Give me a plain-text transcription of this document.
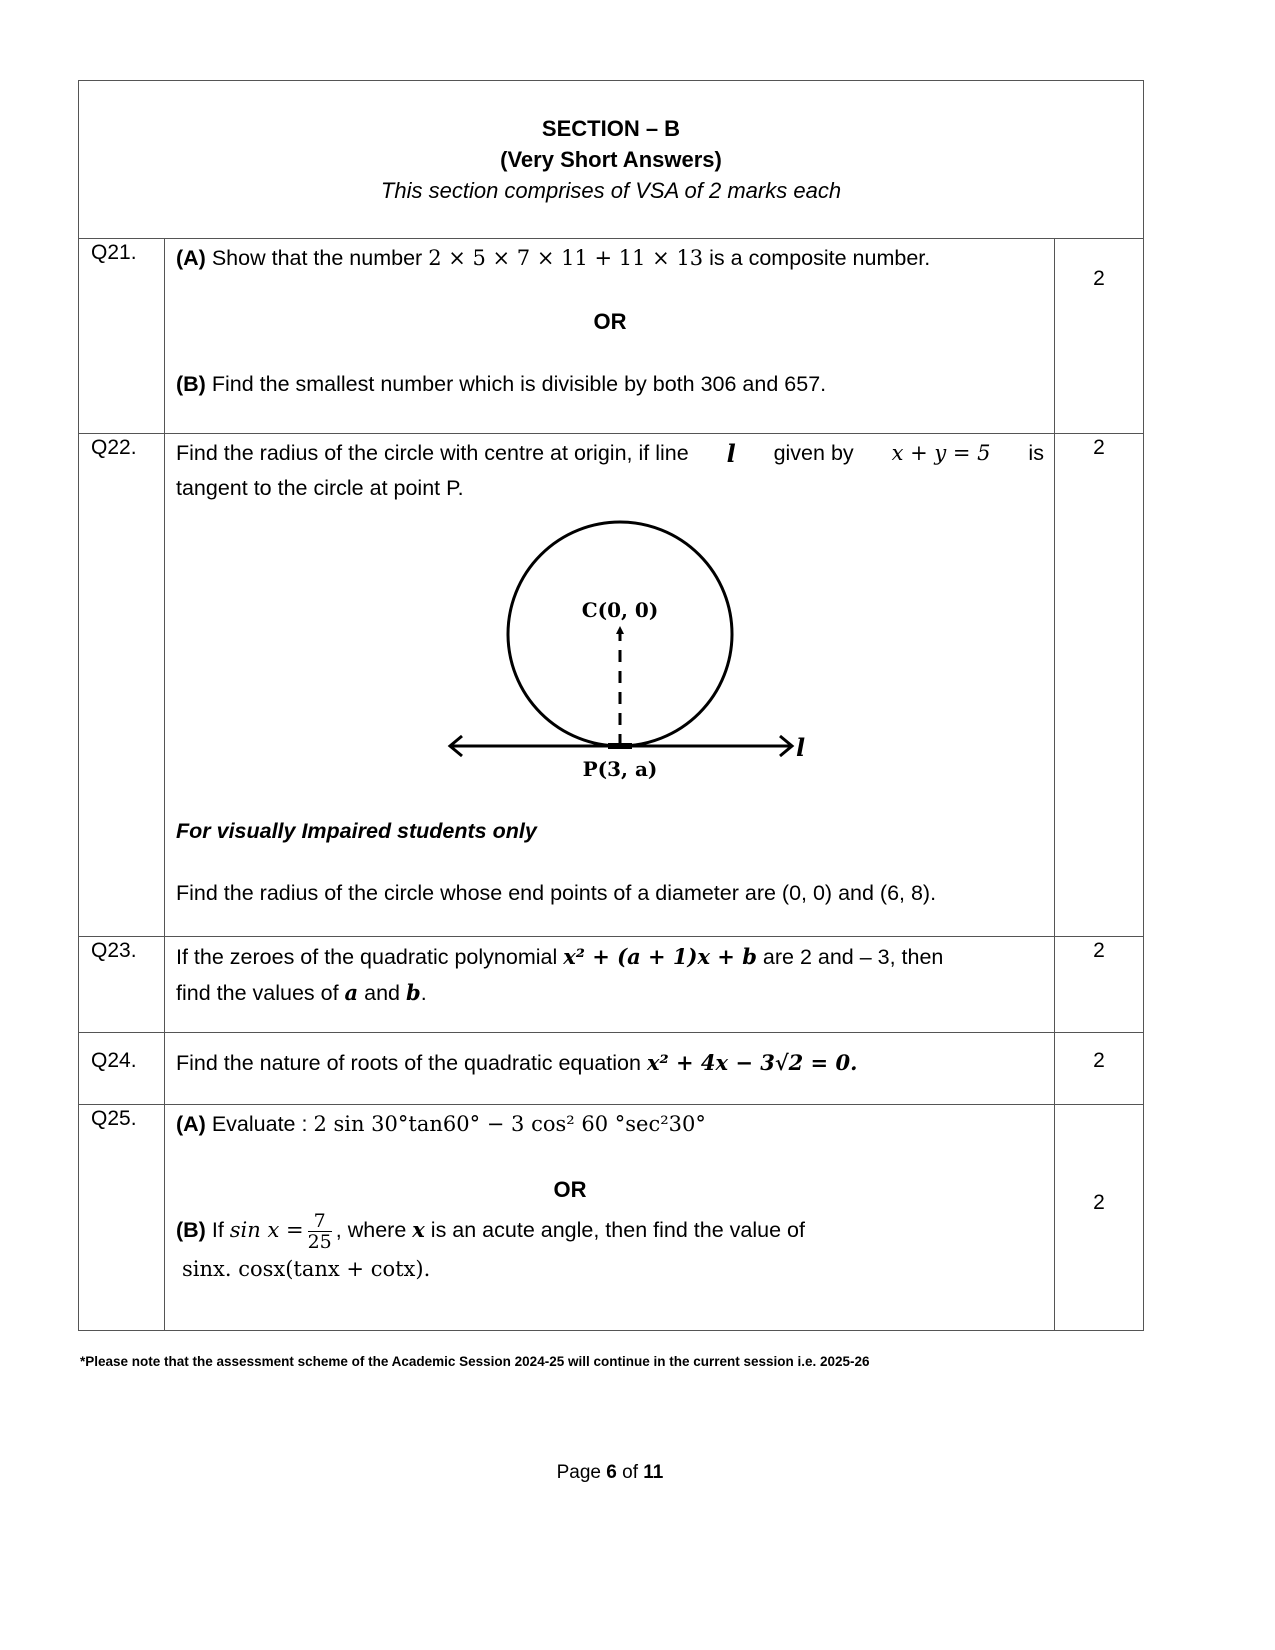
SECTION – B
(Very Short Answers)
This section comprises of VSA of 2 marks each
Q21.	(A) Show that the number 2 × 5 × 7 × 11 + 11 × 13 is a composite number.
OR
(B) Find the smallest number which is divisible by both 306 and 657.
2
Q22.	Find the radius of the circle with centre at origin, if line l given by x + y = 5 is
tangent to the circle at point P.
C(0, 0)
P(3, a)
l
For visually Impaired students only
Find the radius of the circle whose end points of a diameter are (0, 0) and (6, 8).
2
Q23.	If the zeroes of the quadratic polynomial x² + (a + 1)x + b are 2 and – 3, then
find the values of a and b.
2
Q24.	Find the nature of roots of the quadratic equation x² + 4x − 3√2 = 0.	2
Q25.	(A) Evaluate : 2 sin 30°tan60° − 3 cos² 60 °sec²30°
OR
(B) If $\sin x = \frac{7}{25}$ , where x is an acute angle, then find the value of
sinx. cosx(tanx + cotx).
2
*Please note that the assessment scheme of the Academic Session 2024-25 will continue in the current session i.e. 2025-26
Page 6 of 11
